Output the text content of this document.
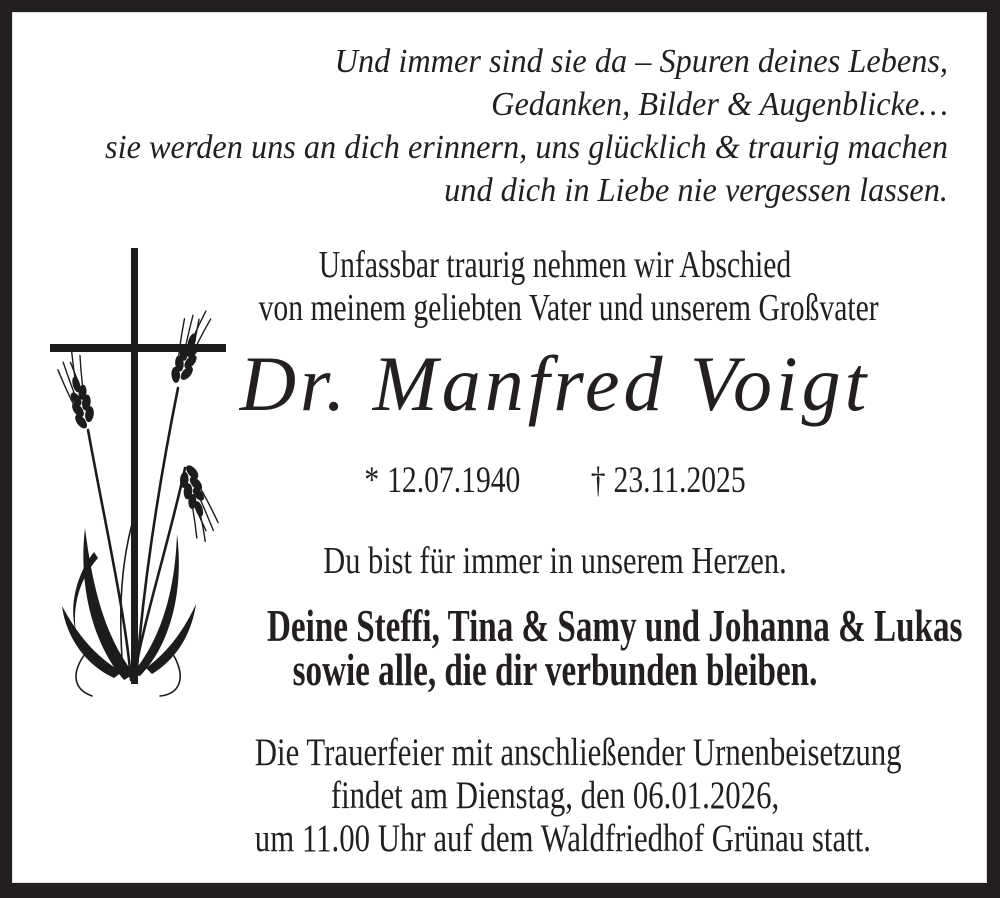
Und immer sind sie da – Spuren deines Lebens,
Gedanken, Bilder & Augenblicke…
sie werden uns an dich erinnern, uns glücklich & traurig machen
und dich in Liebe nie vergessen lassen.
Unfassbar traurig nehmen wir Abschied
von meinem geliebten Vater und unserem Großvater
Dr. Manfred Voigt
* 12.07.1940 † 23.11.2025
Du bist für immer in unserem Herzen.
Deine Steffi, Tina & Samy und Johanna & Lukas
sowie alle, die dir verbunden bleiben.
Die Trauerfeier mit anschließender Urnenbeisetzung
findet am Dienstag, den 06.01.2026,
um 11.00 Uhr auf dem Waldfriedhof Grünau statt.
